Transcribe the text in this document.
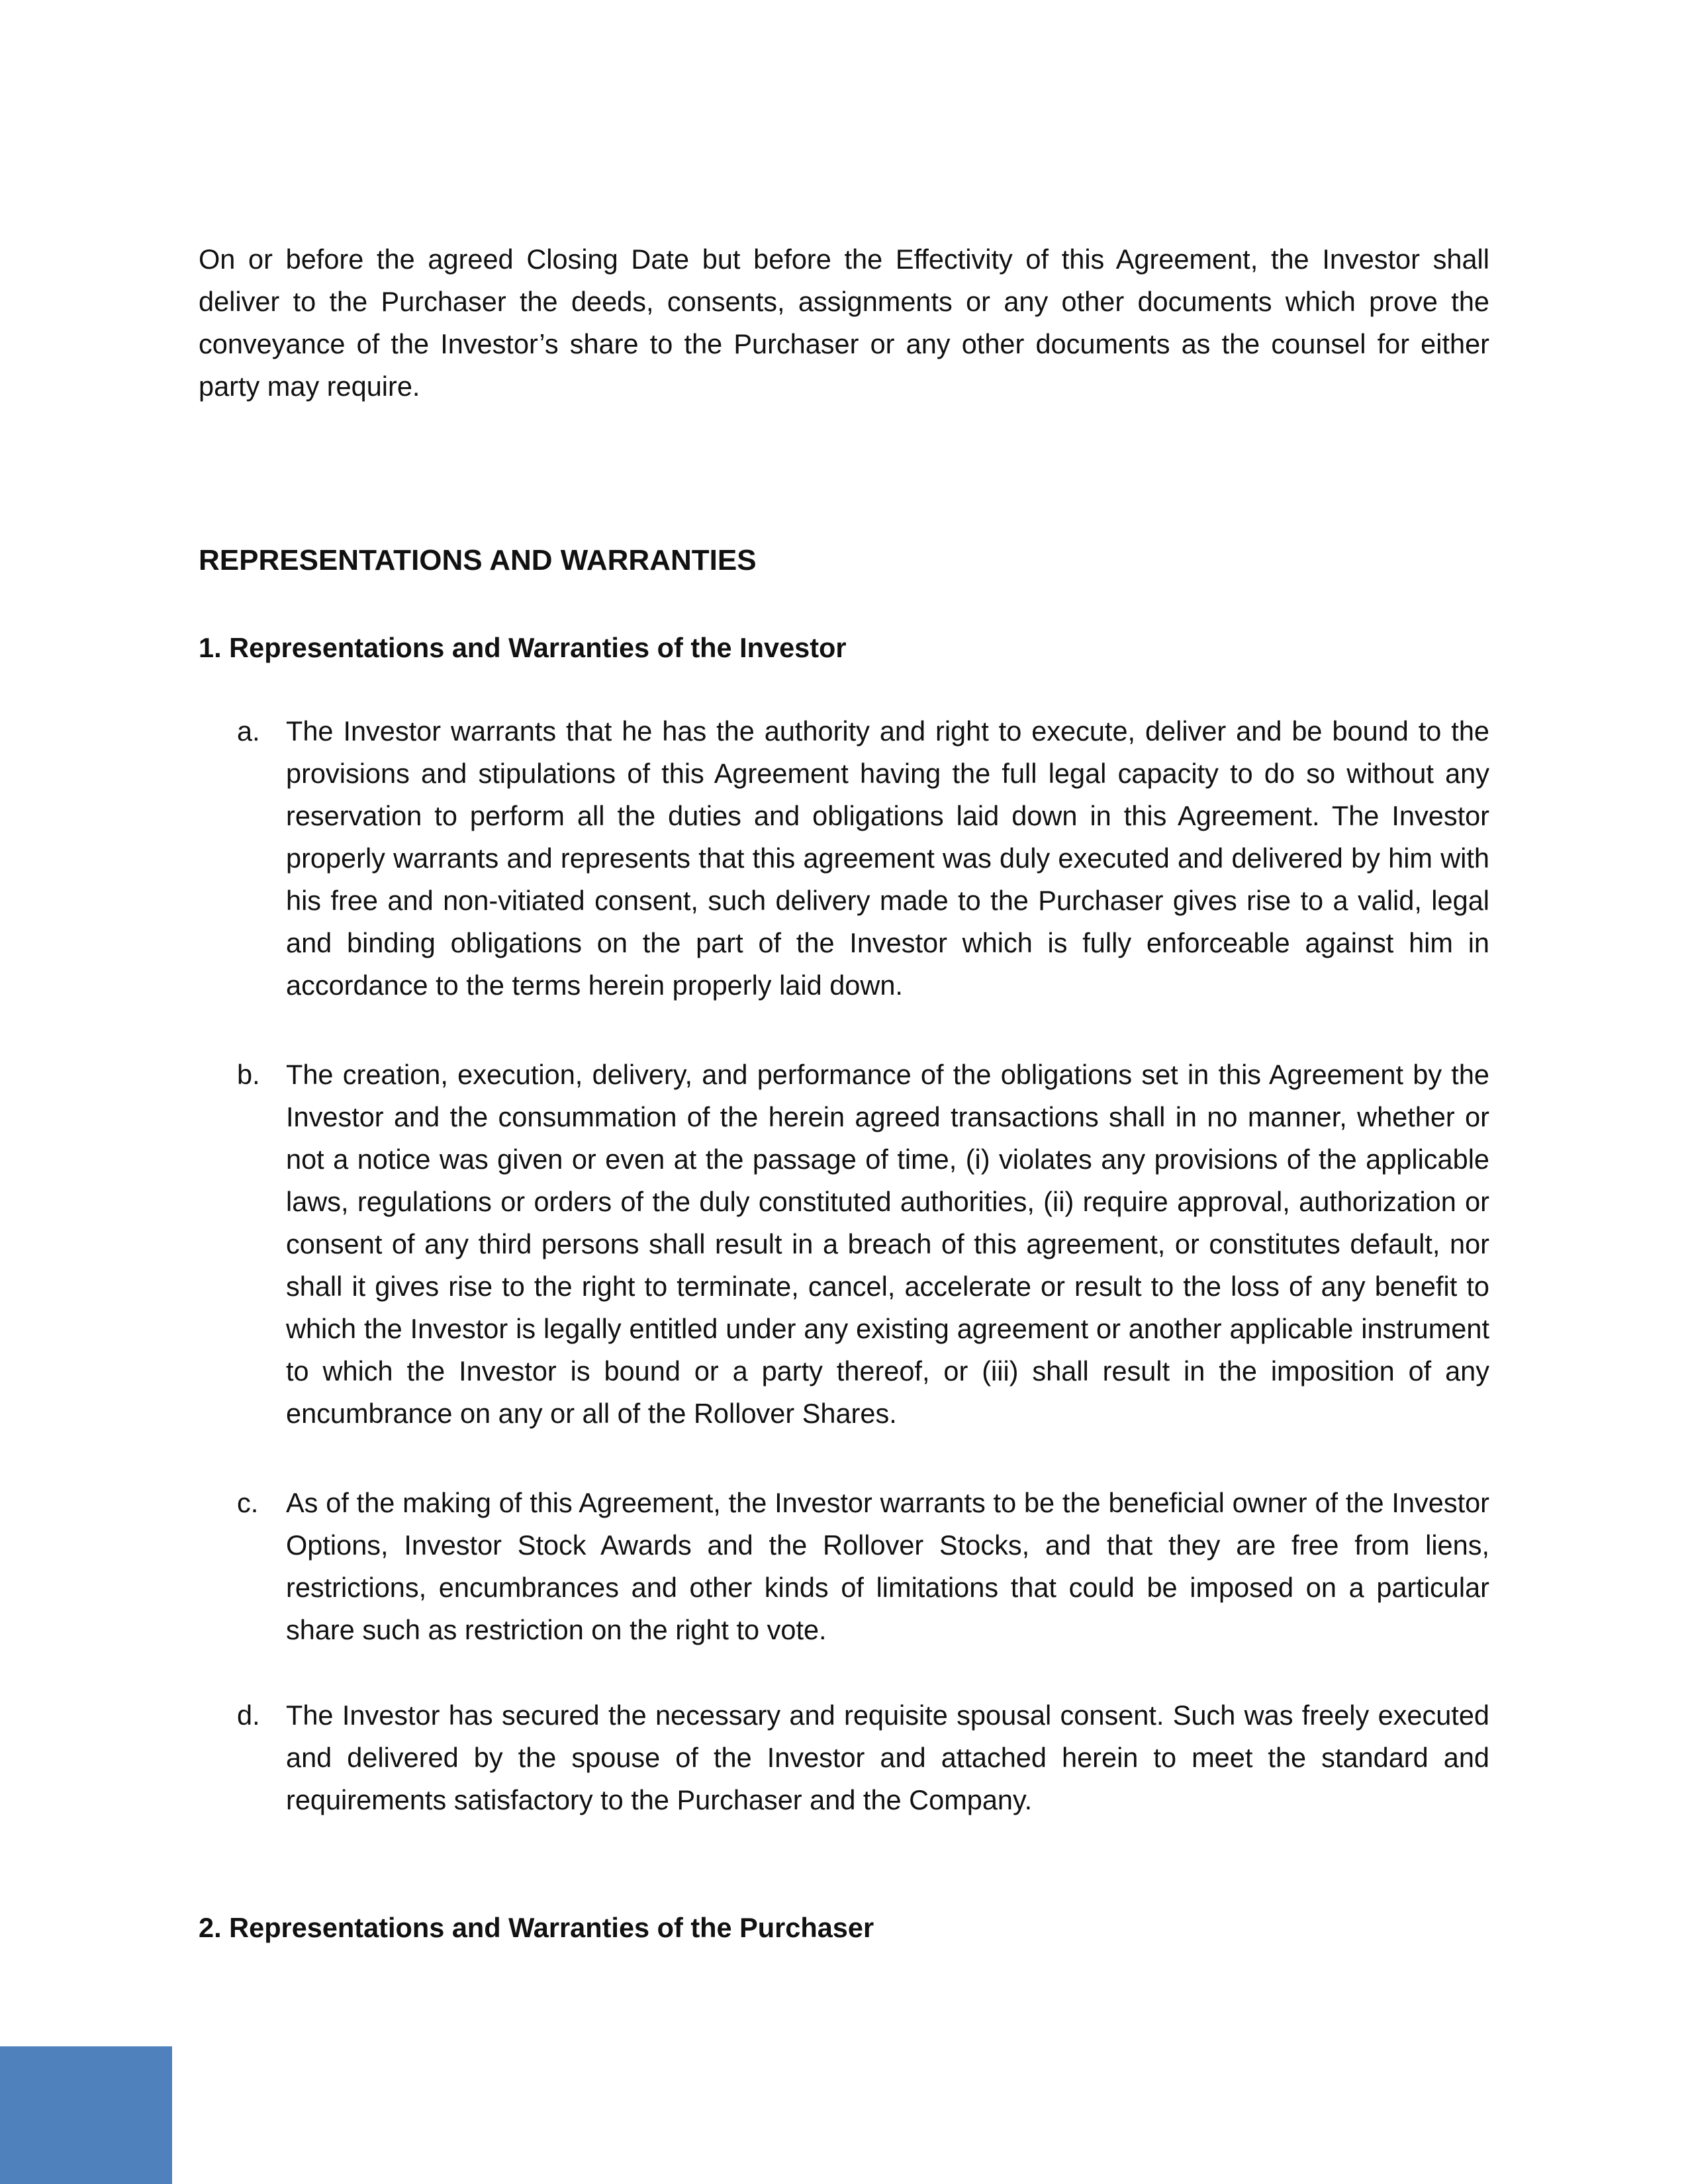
On or before the agreed Closing Date but before the Effectivity of this Agreement, the Investor shall deliver to the Purchaser the deeds, consents, assignments or any other documents which prove the conveyance of the Investor’s share to the Purchaser or any other documents as the counsel for either party may require.

REPRESENTATIONS AND WARRANTIES
1. Representations and Warranties of the Investor
a. The Investor warrants that he has the authority and right to execute, deliver and be bound to the provisions and stipulations of this Agreement having the full legal capacity to do so without any reservation to perform all the duties and obligations laid down in this Agreement. The Investor properly warrants and represents that this agreement was duly executed and delivered by him with his free and non-vitiated consent, such delivery made to the Purchaser gives rise to a valid, legal and binding obligations on the part of the Investor which is fully enforceable against him in accordance to the terms herein properly laid down.
b. The creation, execution, delivery, and performance of the obligations set in this Agreement by the Investor and the consummation of the herein agreed transactions shall in no manner, whether or not a notice was given or even at the passage of time, (i) violates any provisions of the applicable laws, regulations or orders of the duly constituted authorities, (ii) require approval, authorization or consent of any third persons shall result in a breach of this agreement, or constitutes default, nor shall it gives rise to the right to terminate, cancel, accelerate or result to the loss of any benefit to which the Investor is legally entitled under any existing agreement or another applicable instrument to which the Investor is bound or a party thereof, or (iii) shall result in the imposition of any encumbrance on any or all of the Rollover Shares.
c. As of the making of this Agreement, the Investor warrants to be the beneficial owner of the Investor Options, Investor Stock Awards and the Rollover Stocks, and that they are free from liens, restrictions, encumbrances and other kinds of limitations that could be imposed on a particular share such as restriction on the right to vote.
d. The Investor has secured the necessary and requisite spousal consent. Such was freely executed and delivered by the spouse of the Investor and attached herein to meet the standard and requirements satisfactory to the Purchaser and the Company.
2. Representations and Warranties of the Purchaser
